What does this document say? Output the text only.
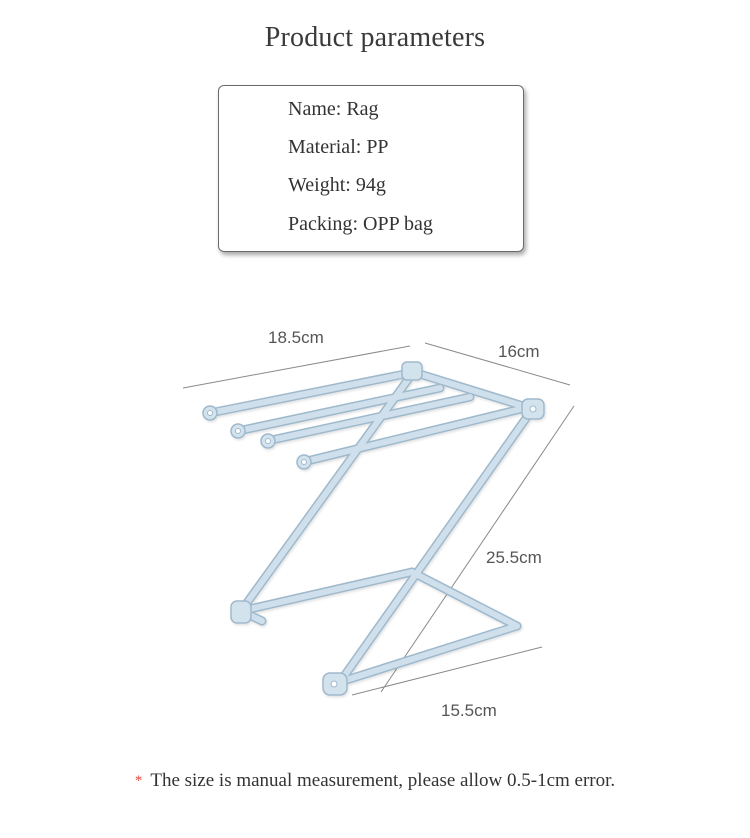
Product parameters
Name: Rag
Material: PP
Weight: 94g
Packing: OPP bag
18.5cm
16cm
25.5cm
15.5cm
* The size is manual measurement, please allow 0.5-1cm error.
